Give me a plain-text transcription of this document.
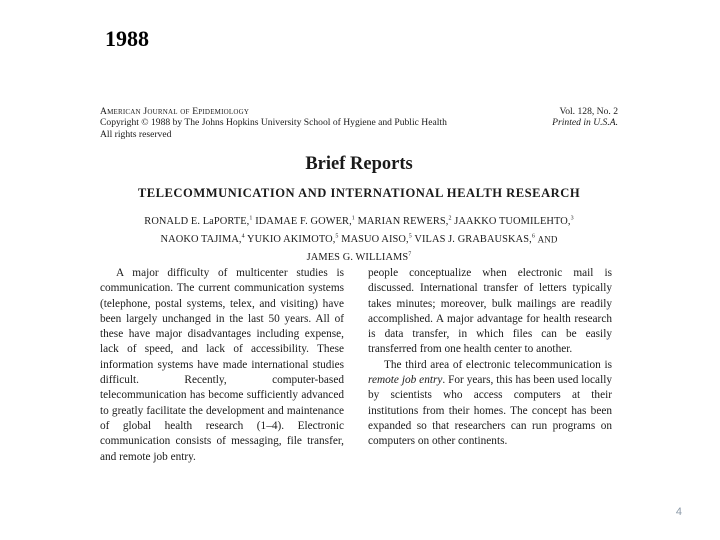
1988
American Journal of Epidemiology
Copyright © 1988 by The Johns Hopkins University School of Hygiene and Public Health
All rights reserved
Vol. 128, No. 2
Printed in U.S.A.
Brief Reports
TELECOMMUNICATION AND INTERNATIONAL HEALTH RESEARCH
RONALD E. LaPORTE,$^1$ IDAMAE F. GOWER,$^1$ MARIAN REWERS,$^2$ JAAKKO TUOMILEHTO,$^3$
NAOKO TAJIMA,$^4$ YUKIO AKIMOTO,$^5$ MASUO AISO,$^5$ VILAS J. GRABAUSKAS,$^6$ AND
JAMES G. WILLIAMS$^7$

A major difficulty of multicenter studies is communication. The current communication systems (telephone, postal systems, telex, and visiting) have been largely unchanged in the last 50 years. All of these have major disadvantages including expense, lack of speed, and lack of accessibility. These information systems have made international studies difficult. Recently, computer-based telecommunication has become sufficiently advanced to greatly facilitate the development and maintenance of global health research (1–4). Electronic communication consists of messaging, file transfer, and remote job entry.

people conceptualize when electronic mail is discussed. International transfer of letters typically takes minutes; moreover, bulk mailings are readily accomplished. A major advantage for health research is data transfer, in which files can be easily transferred from one health center to another.

The third area of electronic telecommunication is remote job entry. For years, this has been used locally by scientists who access computers at their institutions from their homes. The concept has been expanded so that researchers can run programs on computers on other continents.

4
